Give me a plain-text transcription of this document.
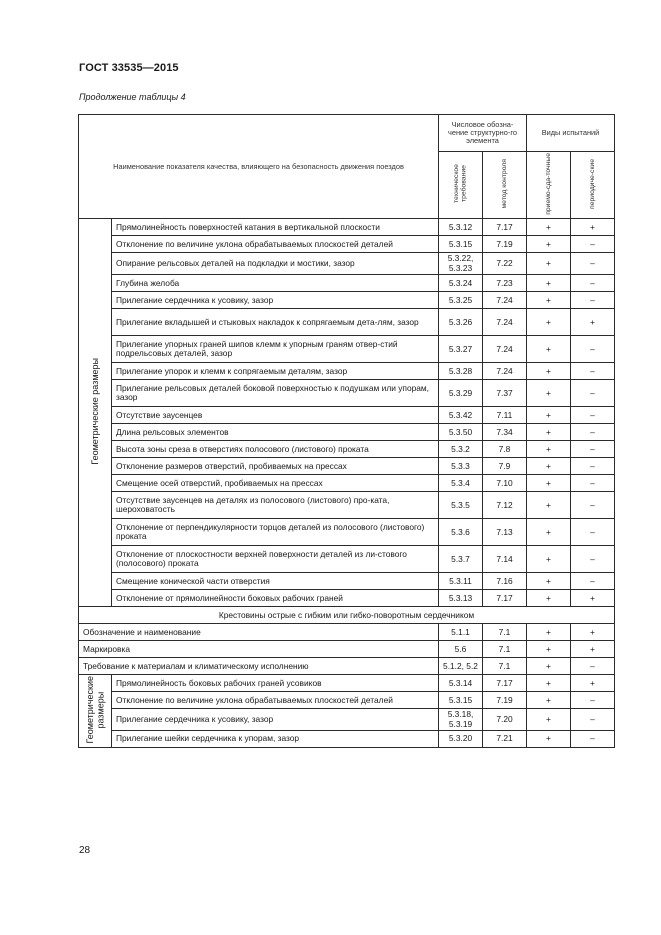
ГОСТ 33535—2015
Продолжение таблицы 4
Наименование показателя качества, влияющего на безопасность движения поездов		Числовое обозна-чение структурно-го элемента		Виды испытаний	
		техническое требование	метод контроля	приемо-сда-точные	периодиче-ские
Геометрические размеры	Прямолинейность поверхностей катания в вертикальной плоскости	5.3.12	7.17	+	+
	Отклонение по величине уклона обрабатываемых плоскостей деталей	5.3.15	7.19	+	–
	Опирание рельсовых деталей на подкладки и мостики, зазор	5.3.22, 5.3.23	7.22	+	–
	Глубина желоба	5.3.24	7.23	+	–
	Прилегание сердечника к усовику, зазор	5.3.25	7.24	+	–
	Прилегание вкладышей и стыковых накладок к сопрягаемым дета-лям, зазор	5.3.26	7.24	+	+
	Прилегание упорных граней шипов клемм к упорным граням отвер-стий подрельсовых деталей, зазор	5.3.27	7.24	+	–
	Прилегание упорок и клемм к сопрягаемым деталям, зазор	5.3.28	7.24	+	–
	Прилегание рельсовых деталей боковой поверхностью к подушкам или упорам, зазор	5.3.29	7.37	+	–
	Отсутствие заусенцев	5.3.42	7.11	+	–
	Длина рельсовых элементов	5.3.50	7.34	+	–
	Высота зоны среза в отверстиях полосового (листового) проката	5.3.2	7.8	+	–
	Отклонение размеров отверстий, пробиваемых на прессах	5.3.3	7.9	+	–
	Смещение осей отверстий, пробиваемых на прессах	5.3.4	7.10	+	–
	Отсутствие заусенцев на деталях из полосового (листового) про-ката, шероховатость	5.3.5	7.12	+	–
	Отклонение от перпендикулярности торцов деталей из полосового (листового) проката	5.3.6	7.13	+	–
	Отклонение от плоскостности верхней поверхности деталей из ли-стового (полосового) проката	5.3.7	7.14	+	–
	Смещение конической части отверстия	5.3.11	7.16	+	–
	Отклонение от прямолинейности боковых рабочих граней	5.3.13	7.17	+	+
Крестовины острые с гибким или гибко-поворотным сердечником					
Обозначение и наименование		5.1.1	7.1	+	+
Маркировка		5.6	7.1	+	+
Требование к материалам и климатическому исполнению		5.1.2, 5.2	7.1	+	–
Геометрические размеры	Прямолинейность боковых рабочих граней усовиков	5.3.14	7.17	+	+
	Отклонение по величине уклона обрабатываемых плоскостей деталей	5.3.15	7.19	+	–
	Прилегание сердечника к усовику, зазор	5.3.18, 5.3.19	7.20	+	–
	Прилегание шейки сердечника к упорам, зазор	5.3.20	7.21	+	–
28
